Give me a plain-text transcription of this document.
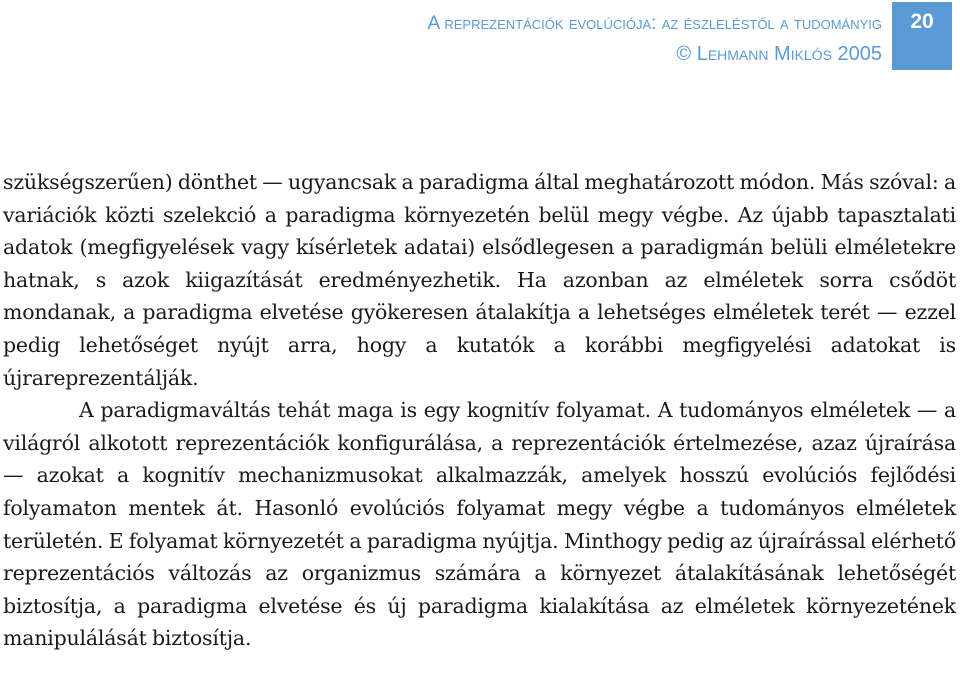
A reprezentációk evolúciója: az észleléstől a tudományig
© Lehmann Miklós 2005
20

szükségszerűen) dönthet — ugyancsak a paradigma által meghatározott módon. Más szóval: a variációk közti szelekció a paradigma környezetén belül megy végbe. Az újabb tapasztalati adatok (megfigyelések vagy kísérletek adatai) elsődlegesen a paradigmán belüli elméletekre hatnak, s azok kiigazítását eredményezhetik. Ha azonban az elméletek sorra csődöt mondanak, a paradigma elvetése gyökeresen átalakítja a lehetséges elméletek terét — ezzel pedig lehetőséget nyújt arra, hogy a kutatók a korábbi megfigyelési adatokat is újrareprezentálják.

A paradigmaváltás tehát maga is egy kognitív folyamat. A tudományos elméletek — a világról alkotott reprezentációk konfigurálása, a reprezentációk értelmezése, azaz újraírása — azokat a kognitív mechanizmusokat alkalmazzák, amelyek hosszú evolúciós fejlődési folyamaton mentek át. Hasonló evolúciós folyamat megy végbe a tudományos elméletek területén. E folyamat környezetét a paradigma nyújtja. Minthogy pedig az újraírással elérhető reprezentációs változás az organizmus számára a környezet átalakításának lehetőségét biztosítja, a paradigma elvetése és új paradigma kialakítása az elméletek környezetének manipulálását biztosítja.
